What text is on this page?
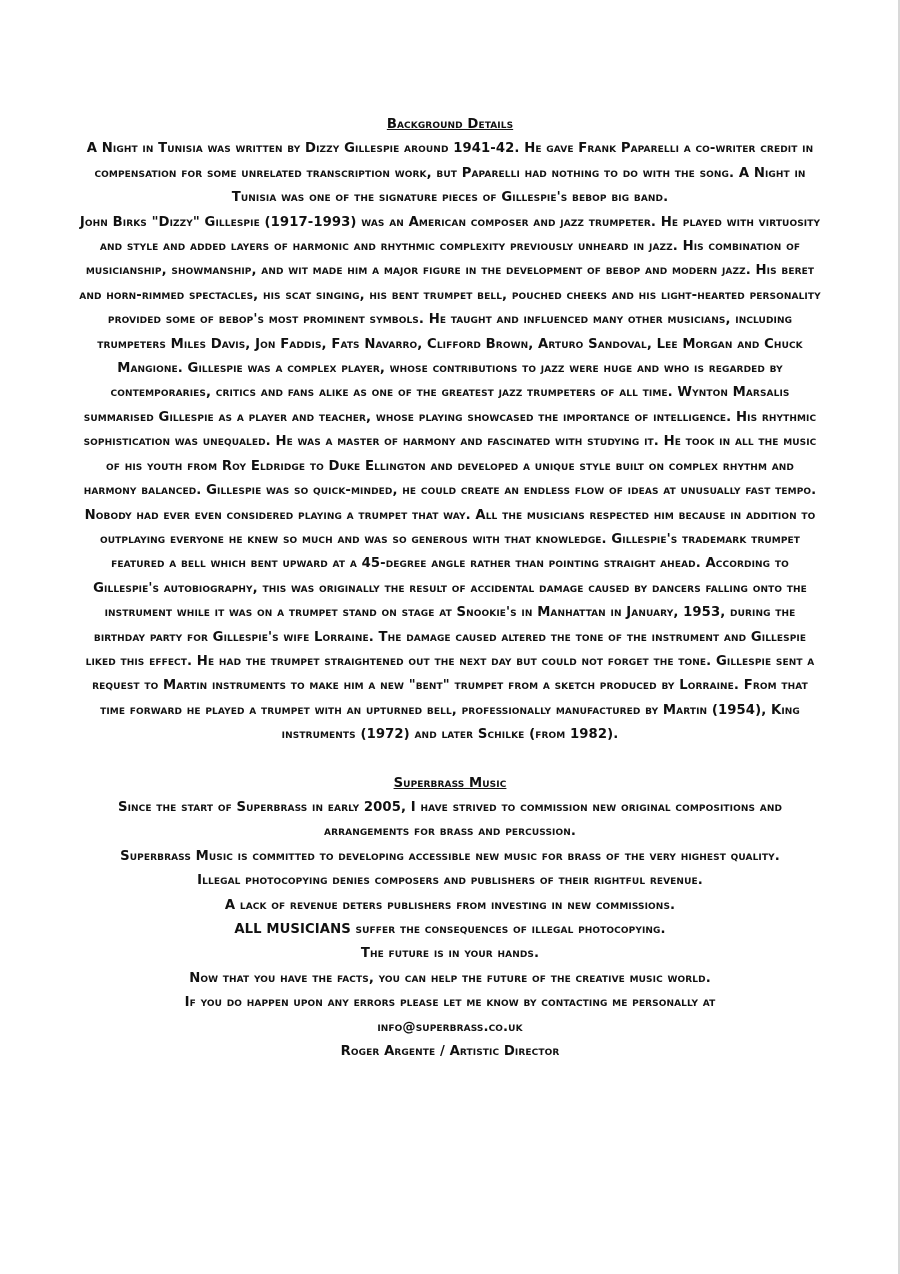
Background Details

A Night in Tunisia was written by Dizzy Gillespie around 1941-42. He gave Frank Paparelli a co-writer credit in compensation for some unrelated transcription work, but Paparelli had nothing to do with the song. A Night in Tunisia was one of the signature pieces of Gillespie's bebop big band.

John Birks "Dizzy" Gillespie (1917-1993) was an American composer and jazz trumpeter. He played with virtuosity and style and added layers of harmonic and rhythmic complexity previously unheard in jazz. His combination of musicianship, showmanship, and wit made him a major figure in the development of bebop and modern jazz. His beret and horn-rimmed spectacles, his scat singing, his bent trumpet bell, pouched cheeks and his light-hearted personality provided some of bebop's most prominent symbols. He taught and influenced many other musicians, including trumpeters Miles Davis, Jon Faddis, Fats Navarro, Clifford Brown, Arturo Sandoval, Lee Morgan and Chuck Mangione. Gillespie was a complex player, whose contributions to jazz were huge and who is regarded by contemporaries, critics and fans alike as one of the greatest jazz trumpeters of all time. Wynton Marsalis summarised Gillespie as a player and teacher, whose playing showcased the importance of intelligence. His rhythmic sophistication was unequaled. He was a master of harmony and fascinated with studying it. He took in all the music of his youth from Roy Eldridge to Duke Ellington and developed a unique style built on complex rhythm and harmony balanced. Gillespie was so quick-minded, he could create an endless flow of ideas at unusually fast tempo. Nobody had ever even considered playing a trumpet that way. All the musicians respected him because in addition to outplaying everyone he knew so much and was so generous with that knowledge. Gillespie's trademark trumpet featured a bell which bent upward at a 45-degree angle rather than pointing straight ahead. According to Gillespie's autobiography, this was originally the result of accidental damage caused by dancers falling onto the instrument while it was on a trumpet stand on stage at Snookie's in Manhattan in January, 1953, during the birthday party for Gillespie's wife Lorraine. The damage caused altered the tone of the instrument and Gillespie liked this effect. He had the trumpet straightened out the next day but could not forget the tone. Gillespie sent a request to Martin instruments to make him a new "bent" trumpet from a sketch produced by Lorraine. From that time forward he played a trumpet with an upturned bell, professionally manufactured by Martin (1954), King instruments (1972) and later Schilke (from 1982).

Superbrass Music

Since the start of Superbrass in early 2005, I have strived to commission new original compositions and arrangements for brass and percussion.

Superbrass Music is committed to developing accessible new music for brass of the very highest quality.

Illegal photocopying denies composers and publishers of their rightful revenue.

A lack of revenue deters publishers from investing in new commissions.

ALL MUSICIANS suffer the consequences of illegal photocopying.

The future is in your hands.

Now that you have the facts, you can help the future of the creative music world.

If you do happen upon any errors please let me know by contacting me personally at

info@superbrass.co.uk

Roger Argente / Artistic Director
